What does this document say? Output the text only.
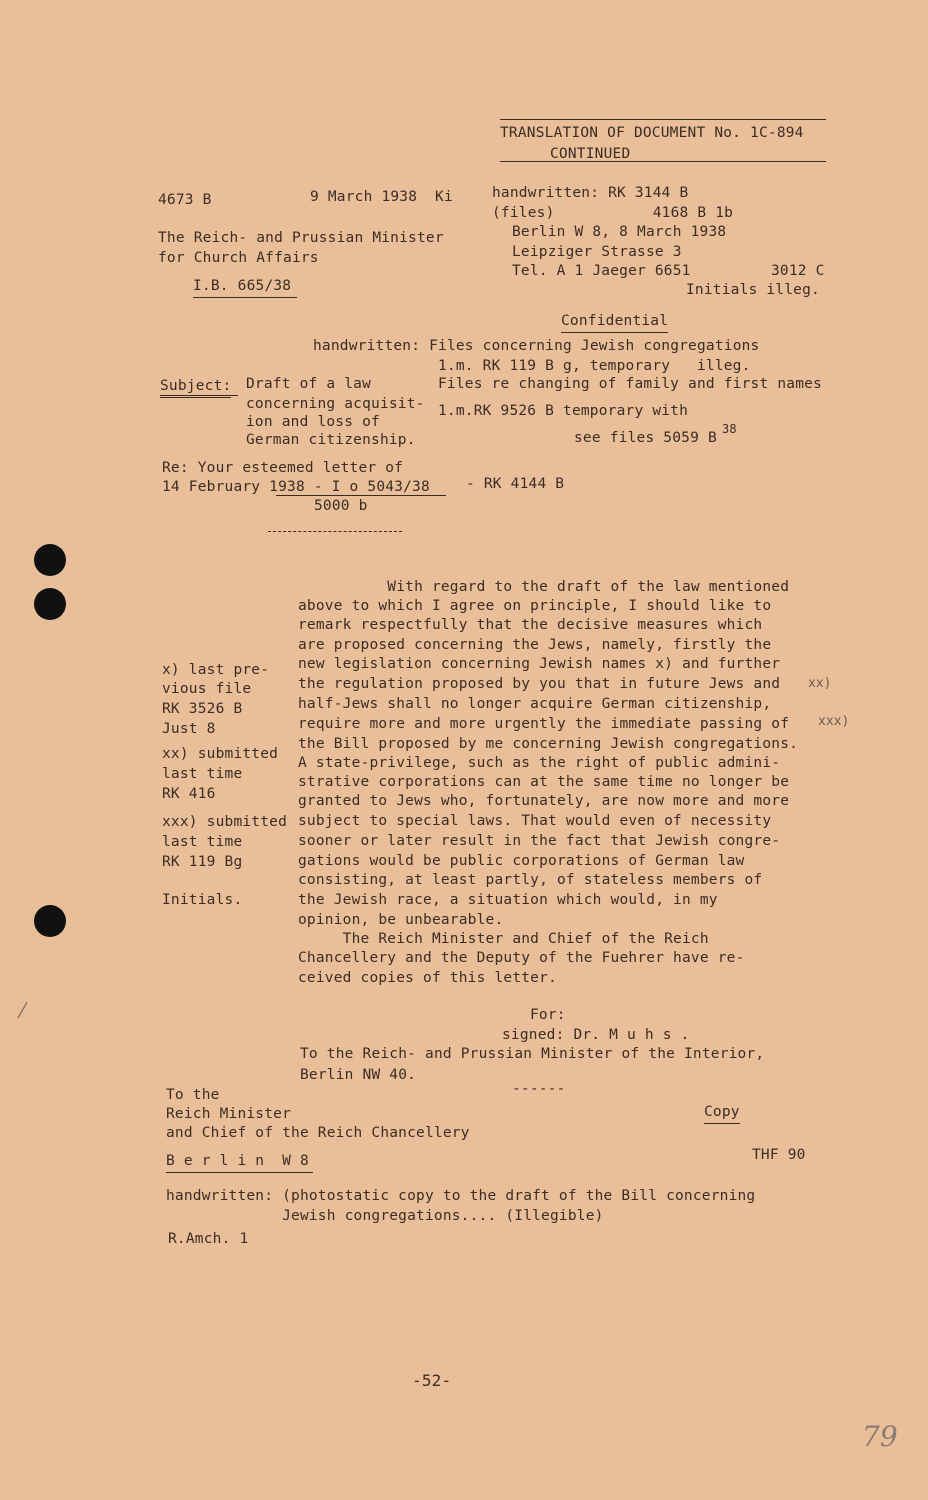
TRANSLATION OF DOCUMENT No. 1C-894
CONTINUED
4673 B	9 March 1938  Ki
The Reich- and Prussian Minister
for Church Affairs
I.B. 665/38
handwritten: RK 3144 B
(files)           4168 B 1b
Berlin W 8, 8 March 1938
Leipziger Strasse 3
Tel. A 1 Jaeger 6651         3012 C
Initials illeg.
Confidential
handwritten: Files concerning Jewish congregations
1.m. RK 119 B g, temporary   illeg.
Files re changing of family and first names
1.m.RK 9526 B temporary with
see files 5059 B
38
Subject: Draft of a law
concerning acquisit-
ion and loss of
German citizenship.
Re: Your esteemed letter of
14 February 1938 - I o 5043/38 - RK 4144 B
5000 b
x) last pre-
vious file
RK 3526 B
Just 8
xx) submitted
last time
RK 416
xxx) submitted
last time
RK 119 Bg
Initials.
With regard to the draft of the law mentioned
above to which I agree on principle, I should like to
remark respectfully that the decisive measures which
are proposed concerning the Jews, namely, firstly the
new legislation concerning Jewish names x) and further
the regulation proposed by you that in future Jews and
half-Jews shall no longer acquire German citizenship,
require more and more urgently the immediate passing of
the Bill proposed by me concerning Jewish congregations.
A state-privilege, such as the right of public admini-
strative corporations can at the same time no longer be
granted to Jews who, fortunately, are now more and more
subject to special laws. That would even of necessity
sooner or later result in the fact that Jewish congre-
gations would be public corporations of German law
consisting, at least partly, of stateless members of
the Jewish race, a situation which would, in my
opinion, be unbearable.
The Reich Minister and Chief of the Reich
Chancellery and the Deputy of the Fuehrer have re-
ceived copies of this letter.
xx)
xxx)
For:
signed: Dr. M u h s .
To the Reich- and Prussian Minister of the Interior,
Berlin NW 40.
------
To the
Reich Minister
and Chief of the Reich Chancellery
B e r l i n  W 8
Copy
THF 90
handwritten: (photostatic copy to the draft of the Bill concerning
Jewish congregations.... (Illegible)
R.Amch. 1
-52-
79
